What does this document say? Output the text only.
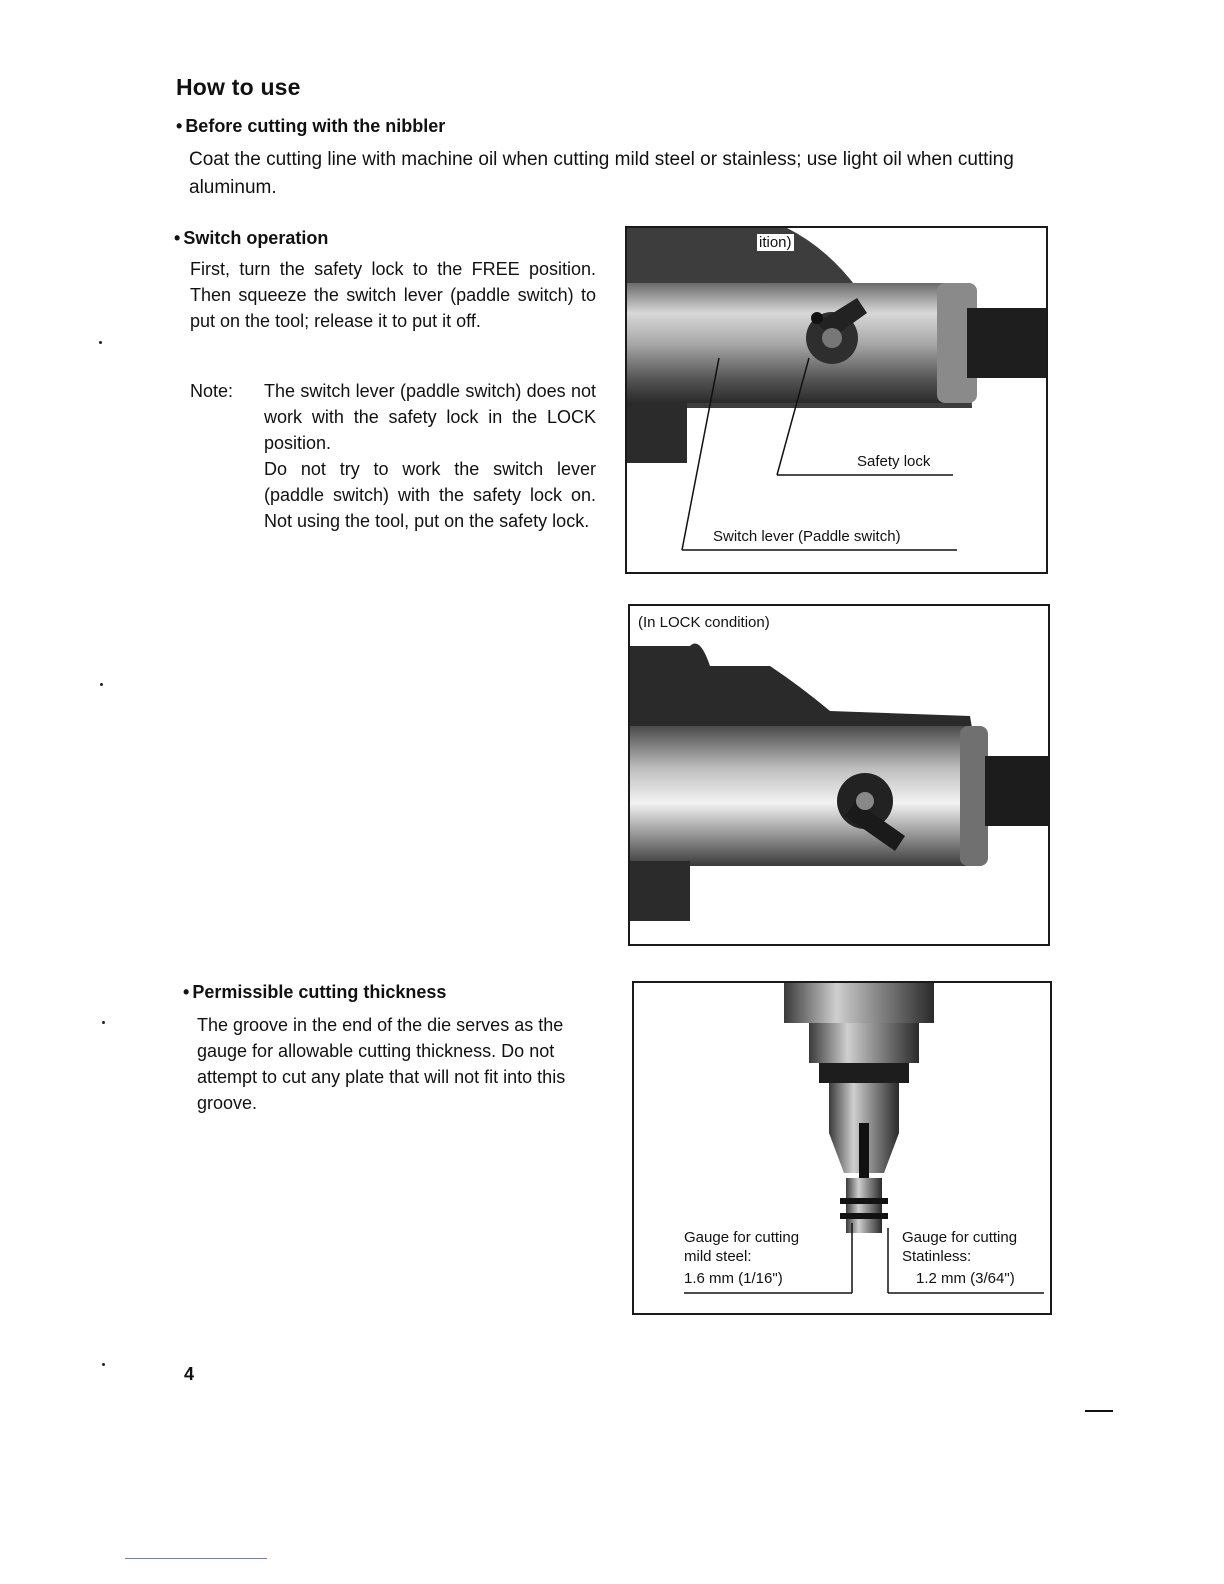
How to use
• Before cutting with the nibbler
Coat the cutting line with machine oil when cutting mild steel or stainless; use light oil when cutting aluminum.
• Switch operation
First, turn the safety lock to the FREE position. Then squeeze the switch lever (paddle switch) to put on the tool; release it to put it off.
Note: The switch lever (paddle switch) does not work with the safety lock in the LOCK position.
Do not try to work the switch lever (paddle switch) with the safety lock on. Not using the tool, put on the safety lock.
ition)
Safety lock
Switch lever (Paddle switch)
(In LOCK condition)
• Permissible cutting thickness
The groove in the end of the die serves as the gauge for allowable cutting thickness. Do not attempt to cut any plate that will not fit into this groove.
Gauge for cutting
mild steel:
1.6 mm (1/16")
Gauge for cutting
Statinless:
1.2 mm (3/64")
4
